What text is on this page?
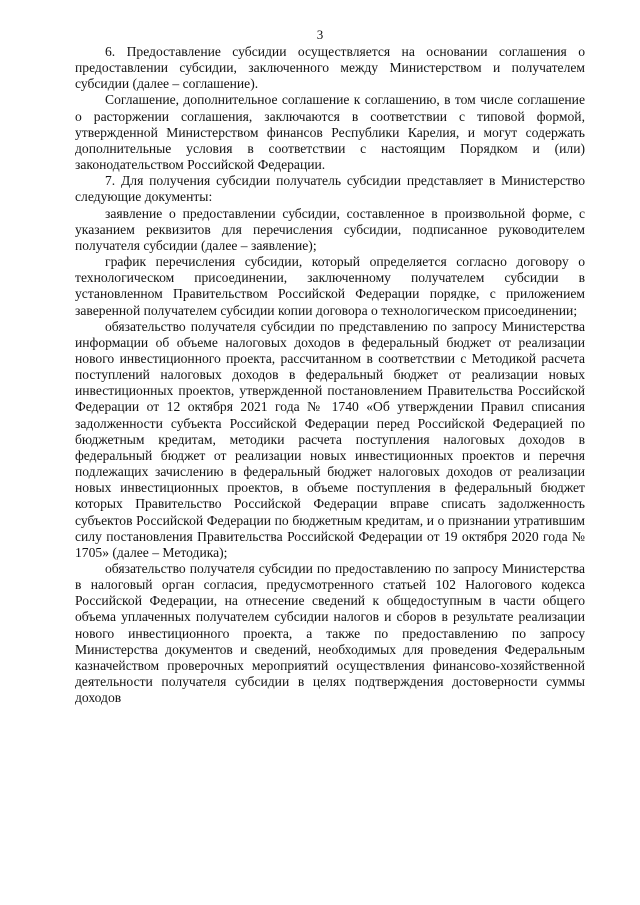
3

6. Предоставление субсидии осуществляется на основании соглашения о предоставлении субсидии, заключенного между Министерством и получателем субсидии (далее – соглашение).

Соглашение, дополнительное соглашение к соглашению, в том числе соглашение о расторжении соглашения, заключаются в соответствии с типовой формой, утвержденной Министерством финансов Республики Карелия, и могут содержать дополнительные условия в соответствии с настоящим Порядком и (или) законодательством Российской Федерации.

7. Для получения субсидии получатель субсидии представляет в Министерство следующие документы:

заявление о предоставлении субсидии, составленное в произвольной форме, с указанием реквизитов для перечисления субсидии, подписанное руководителем получателя субсидии (далее – заявление);

график перечисления субсидии, который определяется согласно договору о технологическом присоединении, заключенному получателем субсидии в установленном Правительством Российской Федерации порядке, с приложением заверенной получателем субсидии копии договора о технологическом присоединении;

обязательство получателя субсидии по представлению по запросу Министерства информации об объеме налоговых доходов в федеральный бюджет от реализации нового инвестиционного проекта, рассчитанном в соответствии с Методикой расчета поступлений налоговых доходов в федеральный бюджет от реализации новых инвестиционных проектов, утвержденной постановлением Правительства Российской Федерации от 12 октября 2021 года № 1740 «Об утверждении Правил списания задолженности субъекта Российской Федерации перед Российской Федерацией по бюджетным кредитам, методики расчета поступления налоговых доходов в федеральный бюджет от реализации новых инвестиционных проектов и перечня подлежащих зачислению в федеральный бюджет налоговых доходов от реализации новых инвестиционных проектов, в объеме поступления в федеральный бюджет которых Правительство Российской Федерации вправе списать задолженность субъектов Российской Федерации по бюджетным кредитам, и о признании утратившим силу постановления Правительства Российской Федерации от 19 октября 2020 года № 1705» (далее – Методика);

обязательство получателя субсидии по предоставлению по запросу Министерства в налоговый орган согласия, предусмотренного статьей 102 Налогового кодекса Российской Федерации, на отнесение сведений к общедоступным в части общего объема уплаченных получателем субсидии налогов и сборов в результате реализации нового инвестиционного проекта, а также по предоставлению по запросу Министерства документов и сведений, необходимых для проведения Федеральным казначейством проверочных мероприятий осуществления финансово-хозяйственной деятельности получателя субсидии в целях подтверждения достоверности суммы доходов
